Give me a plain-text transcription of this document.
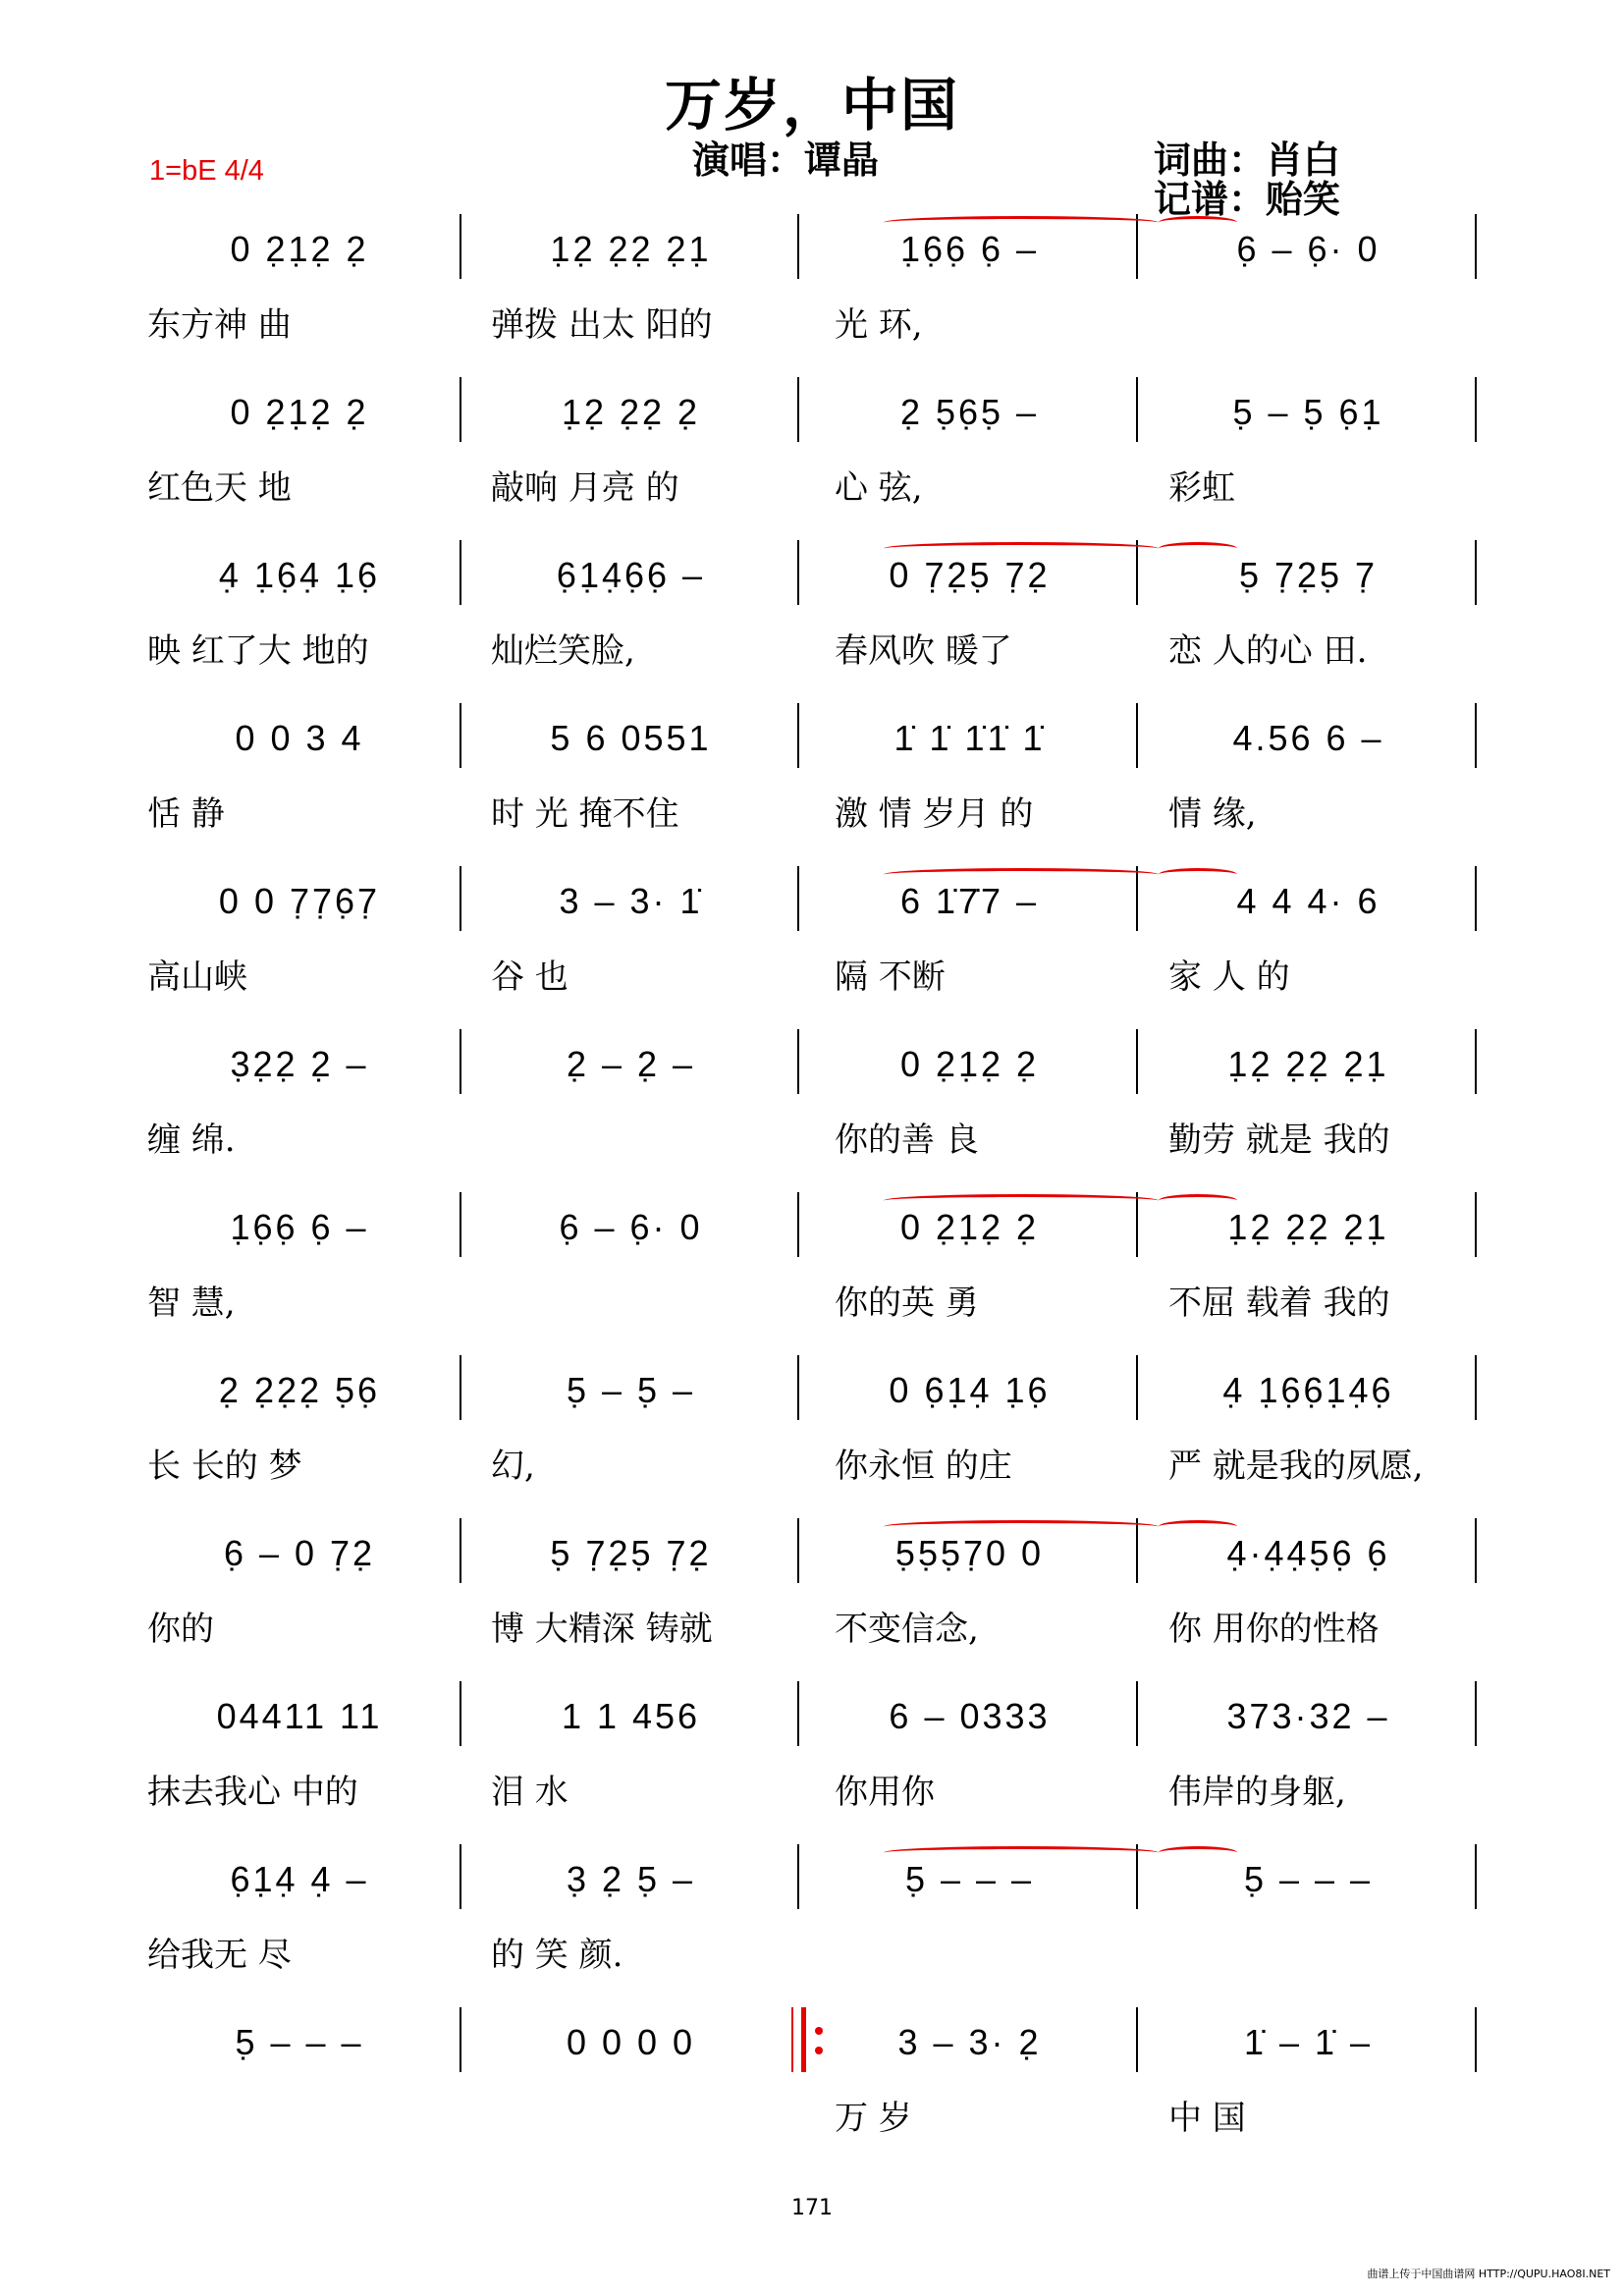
万岁，中国
演唱：谭晶	词曲：肖白
记谱：贻笑
1=bE 4/4
0 2̣1̣2̣ 2̣	1̣2̣ 2̣2̣ 2̣1̣	1̣6̣6̣ 6̣ –	6̣ – 6̣· 0
东方神 曲	弹拨 出太 阳的	光 环,
0 2̣1̣2̣ 2̣	1̣2̣ 2̣2̣ 2̣	2̣ 5̣6̣5̣ –	5̣ – 5̣ 6̣1̣
红色天 地	敲响 月亮 的	心 弦,	彩虹
4̣ 1̣6̣4̣ 1̣6̣	6̣1̣4̣6̣6̣ –	0 7̣2̣5̣ 7̣2̣	5̣ 7̣2̣5̣ 7̣
映 红了大 地的	灿烂笑脸,	春风吹 暖了	恋 人的心 田.
0 0 3 4	5 6 0551	1̇ 1̇ 1̇1̇ 1̇	4.56 6 –
恬 静	时 光 掩不住	激 情 岁月 的	情 缘,
0 0 7̣7̣6̣7̣	3 – 3· 1̇	6 1̇7̇7 –	4 4 4· 6
高山峡	谷 也	隔 不断	家 人 的
3̣2̣2̣ 2̣ –	2̣ – 2̣ –	0 2̣1̣2̣ 2̣	1̣2̣ 2̣2̣ 2̣1̣
缠 绵.	你的善 良	勤劳 就是 我的
1̣6̣6̣ 6̣ –	6̣ – 6̣· 0	0 2̣1̣2̣ 2̣	1̣2̣ 2̣2̣ 2̣1̣
智 慧,	你的英 勇	不屈 载着 我的
2̣ 2̣2̣2̣ 5̣6̣	5̣ – 5̣ –	0 6̣1̣4̣ 1̣6̣	4̣ 1̣6̣6̣1̣4̣6̣
长 长的 梦	幻,	你永恒 的庄	严 就是我的夙愿,
6̣ – 0 7̣2̣	5̣ 7̣2̣5̣ 7̣2̣	5̣5̣5̣7̣0 0	4̣·4̣4̣5̣6̣ 6̣
你的	博 大精深 铸就	不变信念,	你 用你的性格
04411 11	1 1 456	6 – 0333	373·32 –
抹去我心 中的	泪 水	你用你	伟岸的身躯,
6̣1̣4̣ 4̣ –	3̣ 2̣ 5̣ –	5̣ – – –	5̣ – – –
给我无 尽	的 笑 颜.
5̣ – – –	0 0 0 0	3 – 3· 2̣	1̇ – 1̇ –
万 岁	中 国
171
曲谱上传于中国曲谱网 HTTP://QUPU.HAO8I.NET
